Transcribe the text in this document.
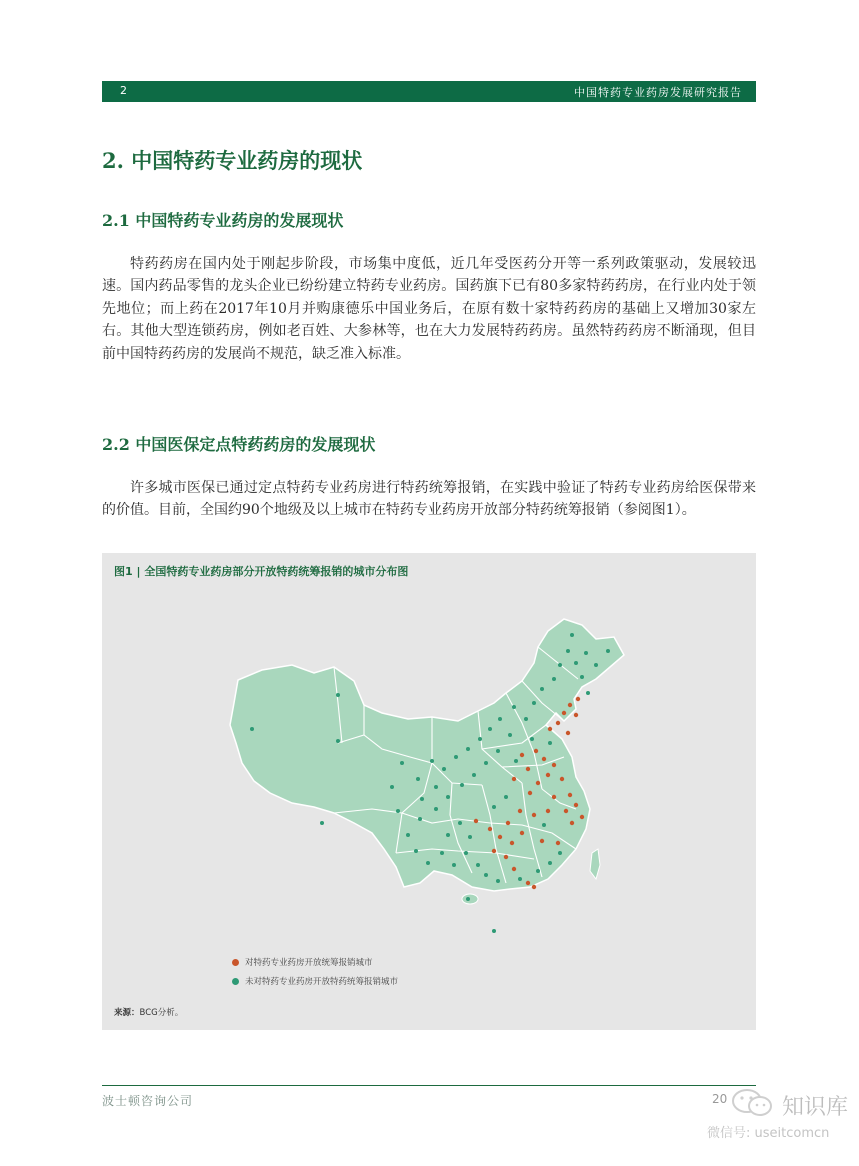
2	中国特药专业药房发展研究报告
2. 中国特药专业药房的现状
2.1 中国特药专业药房的发展现状

特药药房在国内处于刚起步阶段，市场集中度低，近几年受医药分开等一系列政策驱动，发展较迅速。国内药品零售的龙头企业已纷纷建立特药专业药房。国药旗下已有80多家特药药房，在行业内处于领先地位；而上药在2017年10月并购康德乐中国业务后，在原有数十家特药药房的基础上又增加30家左右。其他大型连锁药房，例如老百姓、大参林等，也在大力发展特药药房。虽然特药药房不断涌现，但目前中国特药药房的发展尚不规范，缺乏准入标准。

2.2 中国医保定点特药药房的发展现状

许多城市医保已通过定点特药专业药房进行特药统筹报销，在实践中验证了特药专业药房给医保带来的价值。目前，全国约90个地级及以上城市在特药专业药房开放部分特药统筹报销（参阅图1）。

图1 | 全国特药专业药房部分开放特药统筹报销的城市分布图
对特药专业药房开放统筹报销城市
未对特药专业药房开放特药统筹报销城市
来源：BCG分析。
波士顿咨询公司	20 知识库
微信号: useitcomcn
